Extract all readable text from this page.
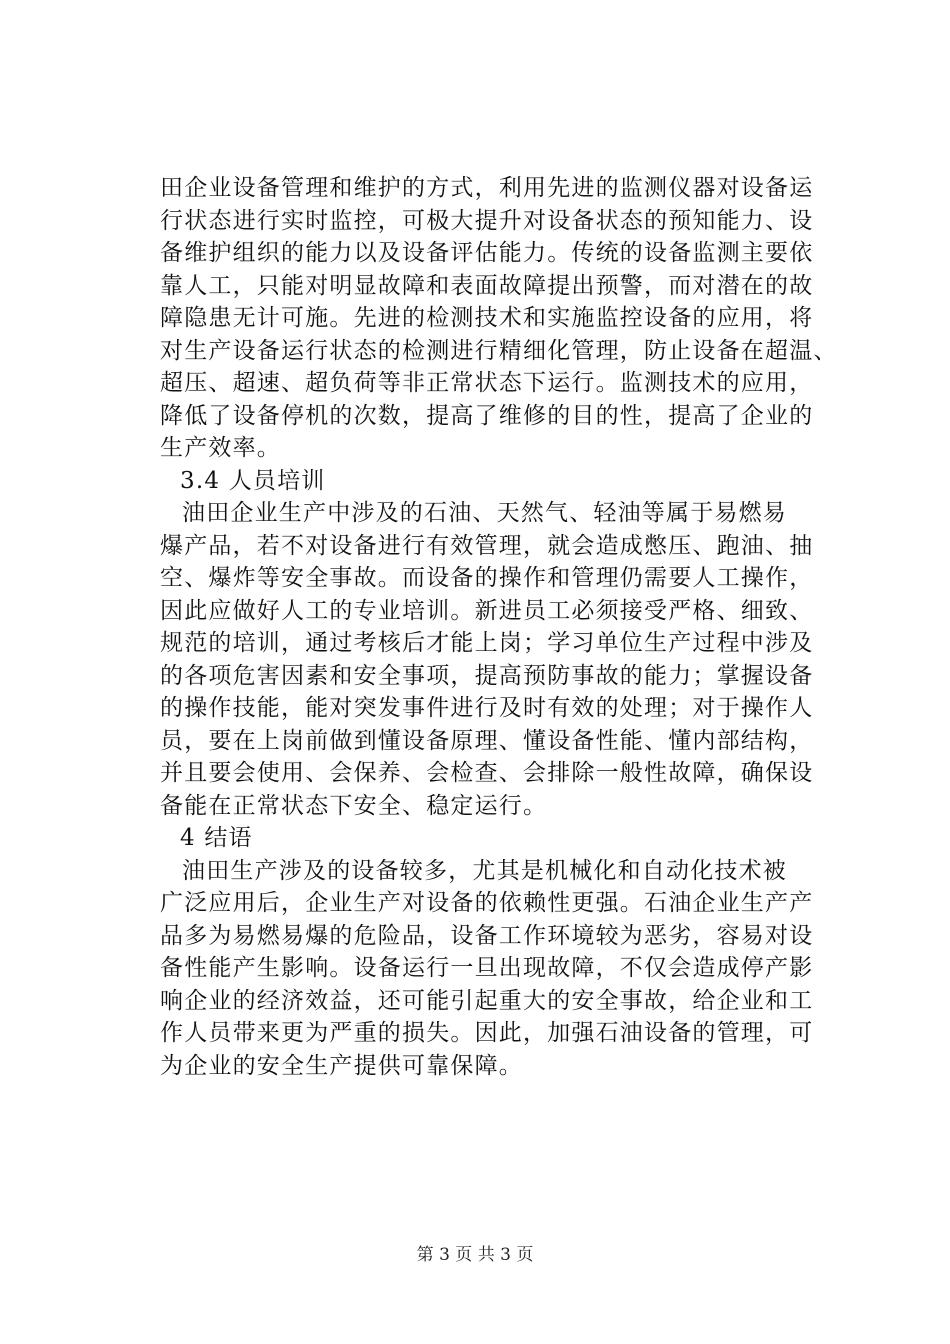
田企业设备管理和维护的方式，利用先进的监测仪器对设备运
行状态进行实时监控，可极大提升对设备状态的预知能力、设
备维护组织的能力以及设备评估能力。传统的设备监测主要依
靠人工，只能对明显故障和表面故障提出预警，而对潜在的故
障隐患无计可施。先进的检测技术和实施监控设备的应用，将
对生产设备运行状态的检测进行精细化管理，防止设备在超温、
超压、超速、超负荷等非正常状态下运行。监测技术的应用，
降低了设备停机的次数，提高了维修的目的性，提高了企业的
生产效率。
3.4 人员培训
油田企业生产中涉及的石油、天然气、轻油等属于易燃易
爆产品，若不对设备进行有效管理，就会造成憋压、跑油、抽
空、爆炸等安全事故。而设备的操作和管理仍需要人工操作，
因此应做好人工的专业培训。新进员工必须接受严格、细致、
规范的培训，通过考核后才能上岗；学习单位生产过程中涉及
的各项危害因素和安全事项，提高预防事故的能力；掌握设备
的操作技能，能对突发事件进行及时有效的处理；对于操作人
员，要在上岗前做到懂设备原理、懂设备性能、懂内部结构，
并且要会使用、会保养、会检查、会排除一般性故障，确保设
备能在正常状态下安全、稳定运行。
4 结语
油田生产涉及的设备较多，尤其是机械化和自动化技术被
广泛应用后，企业生产对设备的依赖性更强。石油企业生产产
品多为易燃易爆的危险品，设备工作环境较为恶劣，容易对设
备性能产生影响。设备运行一旦出现故障，不仅会造成停产影
响企业的经济效益，还可能引起重大的安全事故，给企业和工
作人员带来更为严重的损失。因此，加强石油设备的管理，可
为企业的安全生产提供可靠保障。
第 3 页 共 3 页
